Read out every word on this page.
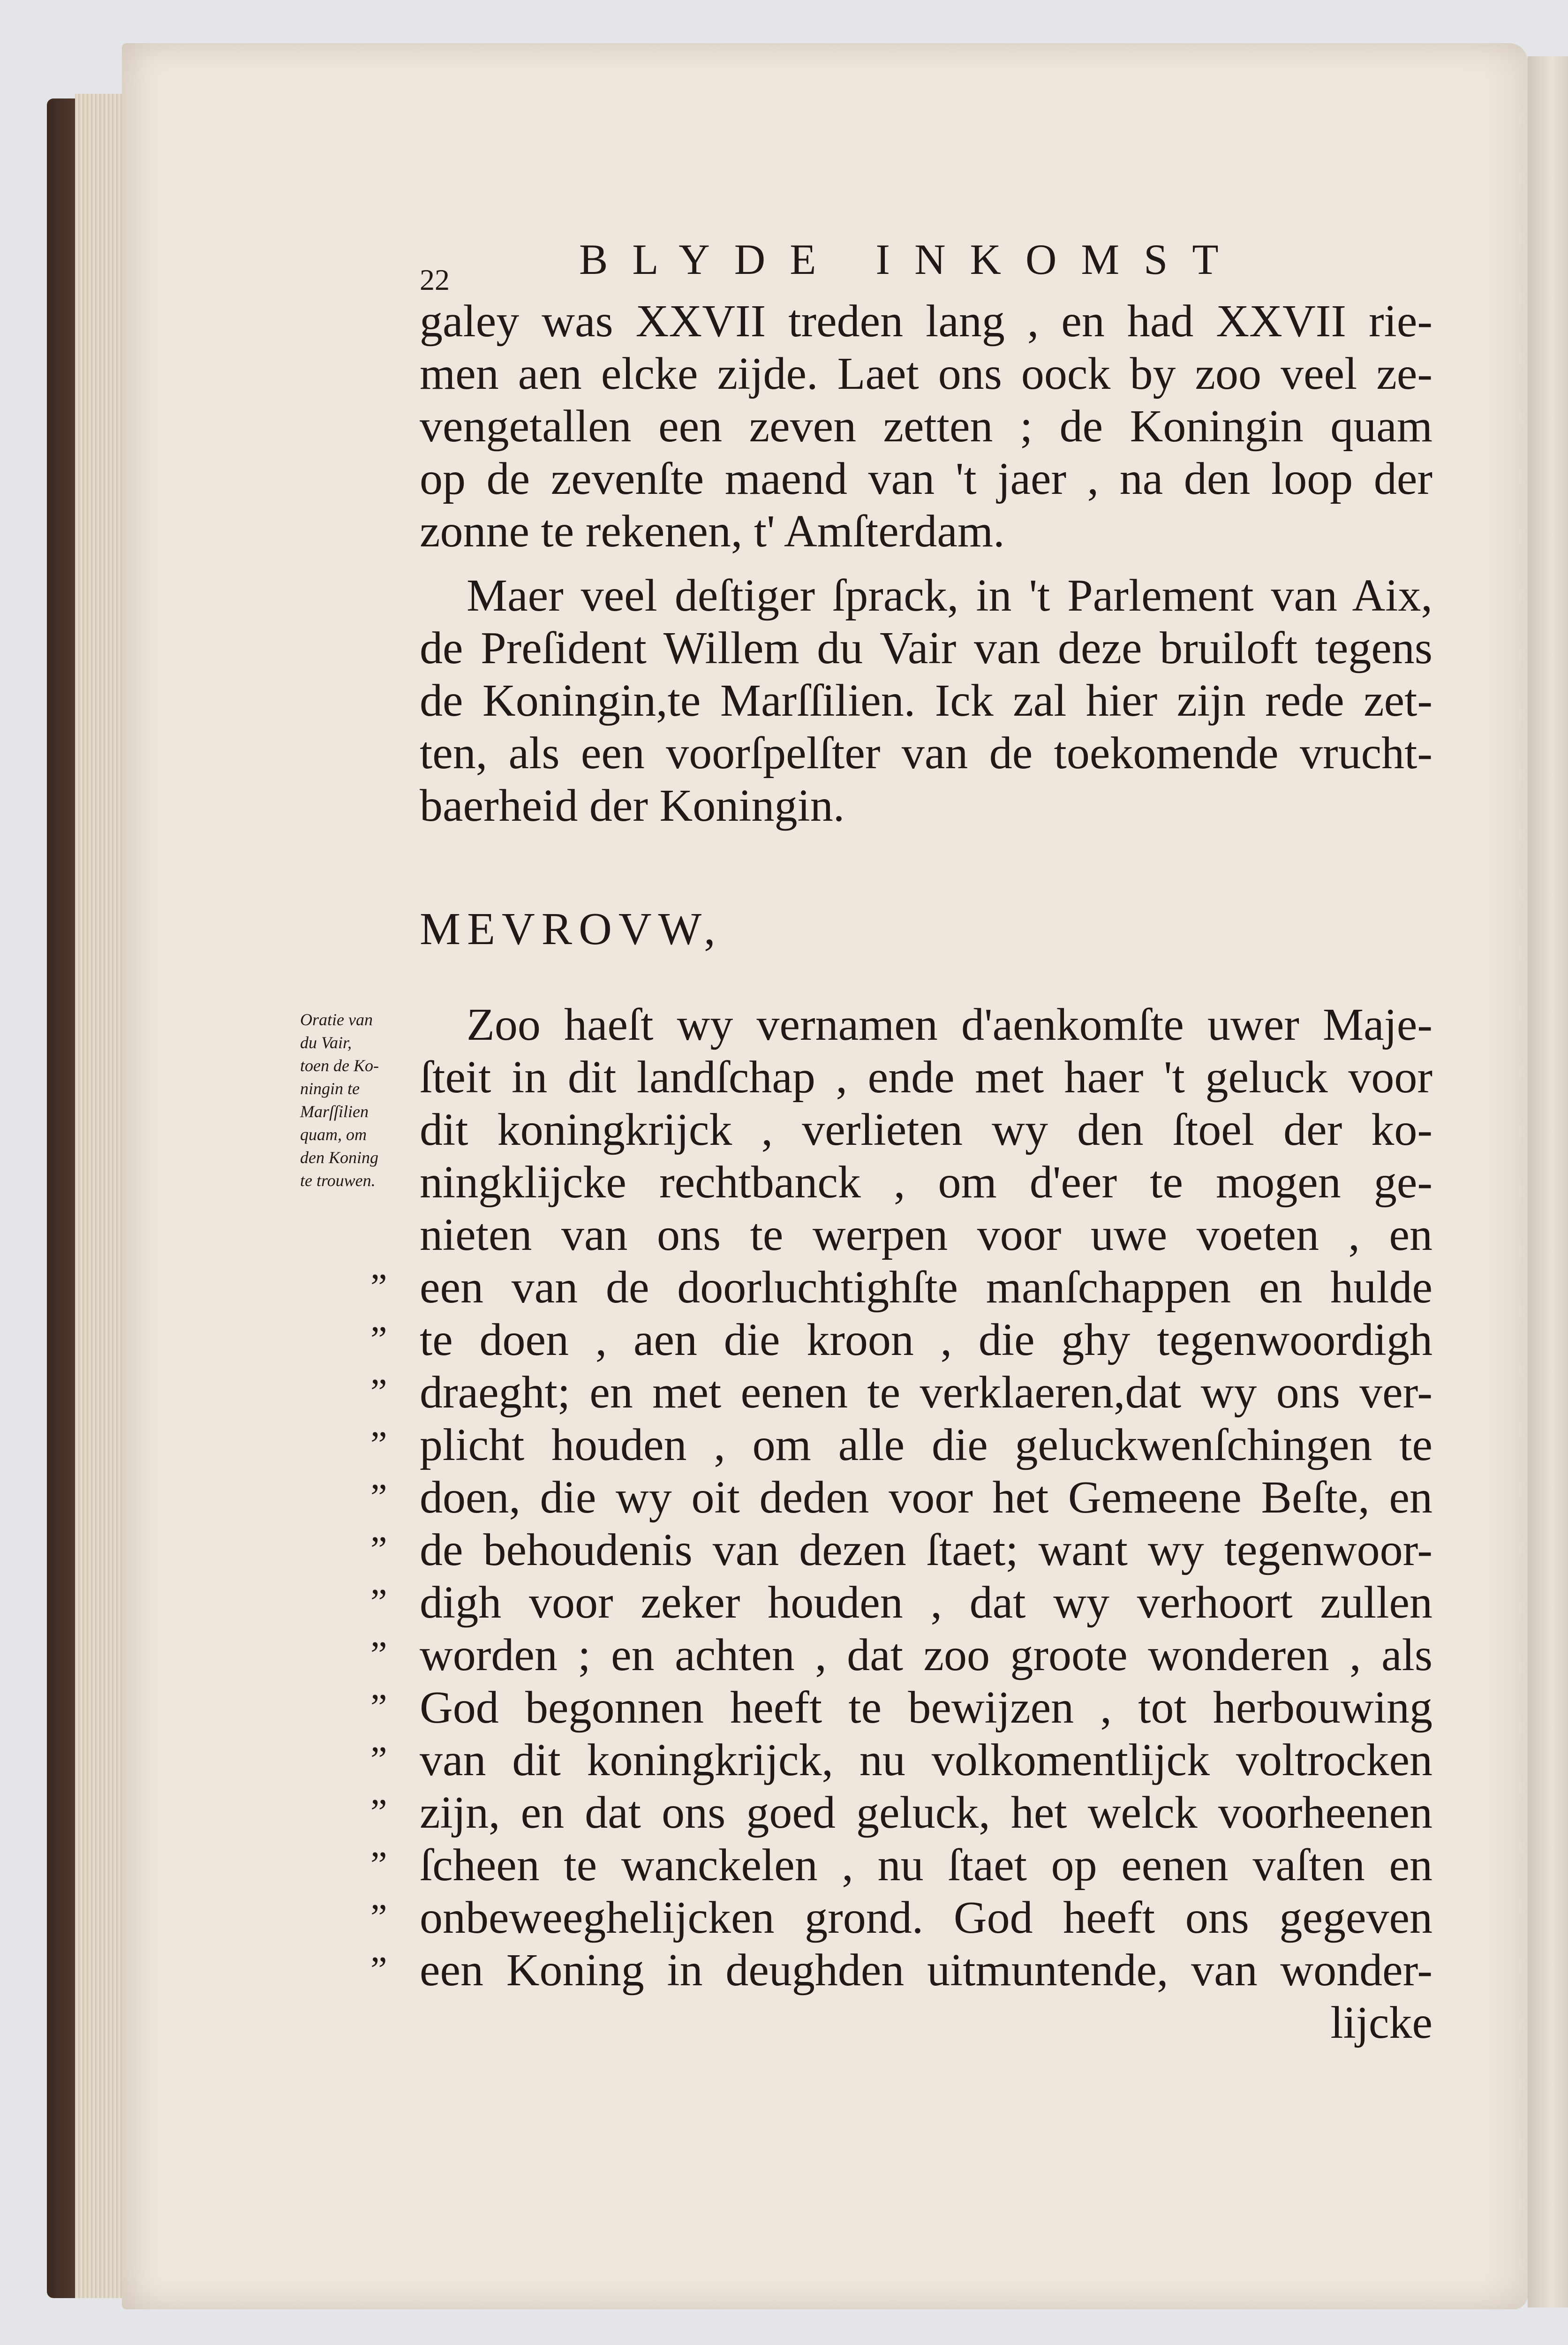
22	BLYDE INKOMST
galey was XXVII treden lang , en had XXVII rie-
men aen elcke zijde. Laet ons oock by zoo veel ze-
vengetallen een zeven zetten ; de Koningin quam
op de zevenſte maend van 't jaer , na den loop der
zonne te rekenen, t' Amſterdam.
Maer veel deſtiger ſprack, in 't Parlement van Aix,
de Preſident Willem du Vair van deze bruiloft tegens
de Koningin,te Marſſilien. Ick zal hier zijn rede zet-
ten, als een voorſpelſter van de toekomende vrucht-
baerheid der Koningin.
MEVROVW,
Oratie van
du Vair,
toen de Ko-
ningin te
Marſſilien
quam, om
den Koning
te trouwen.
Zoo haeſt wy vernamen d'aenkomſte uwer Maje-
ſteit in dit landſchap , ende met haer 't geluck voor
dit koningkrijck , verlieten wy den ſtoel der ko-
ningklijcke rechtbanck , om d'eer te mogen ge-
nieten van ons te werpen voor uwe voeten , en
een van de doorluchtighſte manſchappen en hulde
te doen , aen die kroon , die ghy tegenwoordigh
draeght; en met eenen te verklaeren,dat wy ons ver-
plicht houden , om alle die geluckwenſchingen te
doen, die wy oit deden voor het Gemeene Beſte, en
de behoudenis van dezen ſtaet; want wy tegenwoor-
digh voor zeker houden , dat wy verhoort zullen
worden ; en achten , dat zoo groote wonderen , als
God begonnen heeft te bewijzen , tot herbouwing
van dit koningkrijck, nu volkomentlijck voltrocken
zijn, en dat ons goed geluck, het welck voorheenen
ſcheen te wanckelen , nu ſtaet op eenen vaſten en
onbeweeghelijcken grond. God heeft ons gegeven
een Koning in deughden uitmuntende, van wonder-
lijcke
”
”
”
”
”
”
”
”
”
”
”
”
”
”
